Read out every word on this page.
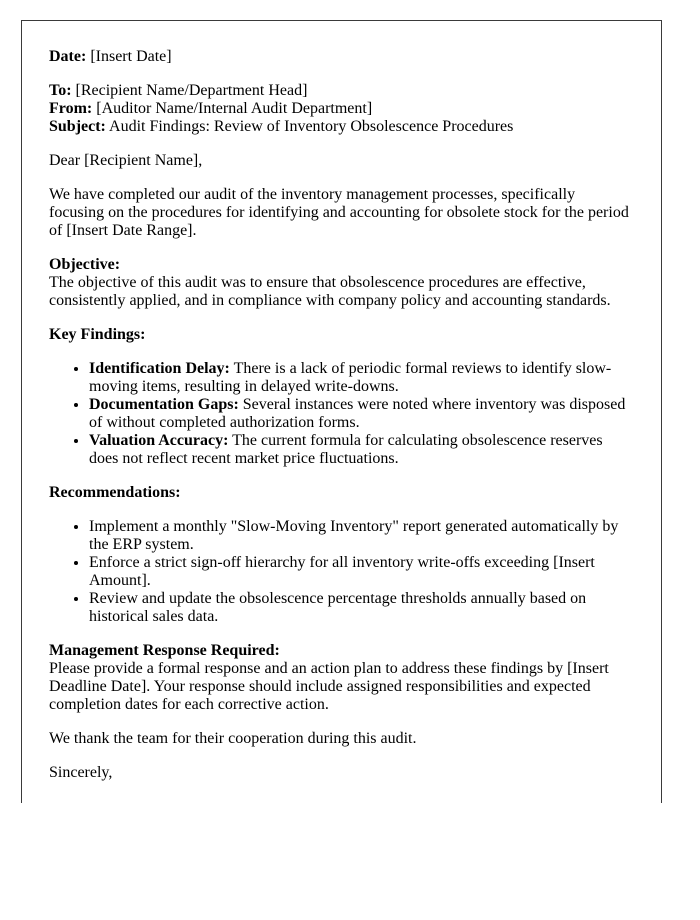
Date: [Insert Date]

To: [Recipient Name/Department Head]
From: [Auditor Name/Internal Audit Department]
Subject: Audit Findings: Review of Inventory Obsolescence Procedures

Dear [Recipient Name],

We have completed our audit of the inventory management processes, specifically focusing on the procedures for identifying and accounting for obsolete stock for the period of [Insert Date Range].

Objective:
The objective of this audit was to ensure that obsolescence procedures are effective, consistently applied, and in compliance with company policy and accounting standards.

Key Findings:

• Identification Delay: There is a lack of periodic formal reviews to identify slow-moving items, resulting in delayed write-downs.
• Documentation Gaps: Several instances were noted where inventory was disposed of without completed authorization forms.
• Valuation Accuracy: The current formula for calculating obsolescence reserves does not reflect recent market price fluctuations.

Recommendations:

• Implement a monthly "Slow-Moving Inventory" report generated automatically by the ERP system.
• Enforce a strict sign-off hierarchy for all inventory write-offs exceeding [Insert Amount].
• Review and update the obsolescence percentage thresholds annually based on historical sales data.

Management Response Required:
Please provide a formal response and an action plan to address these findings by [Insert Deadline Date]. Your response should include assigned responsibilities and expected completion dates for each corrective action.

We thank the team for their cooperation during this audit.

Sincerely,
